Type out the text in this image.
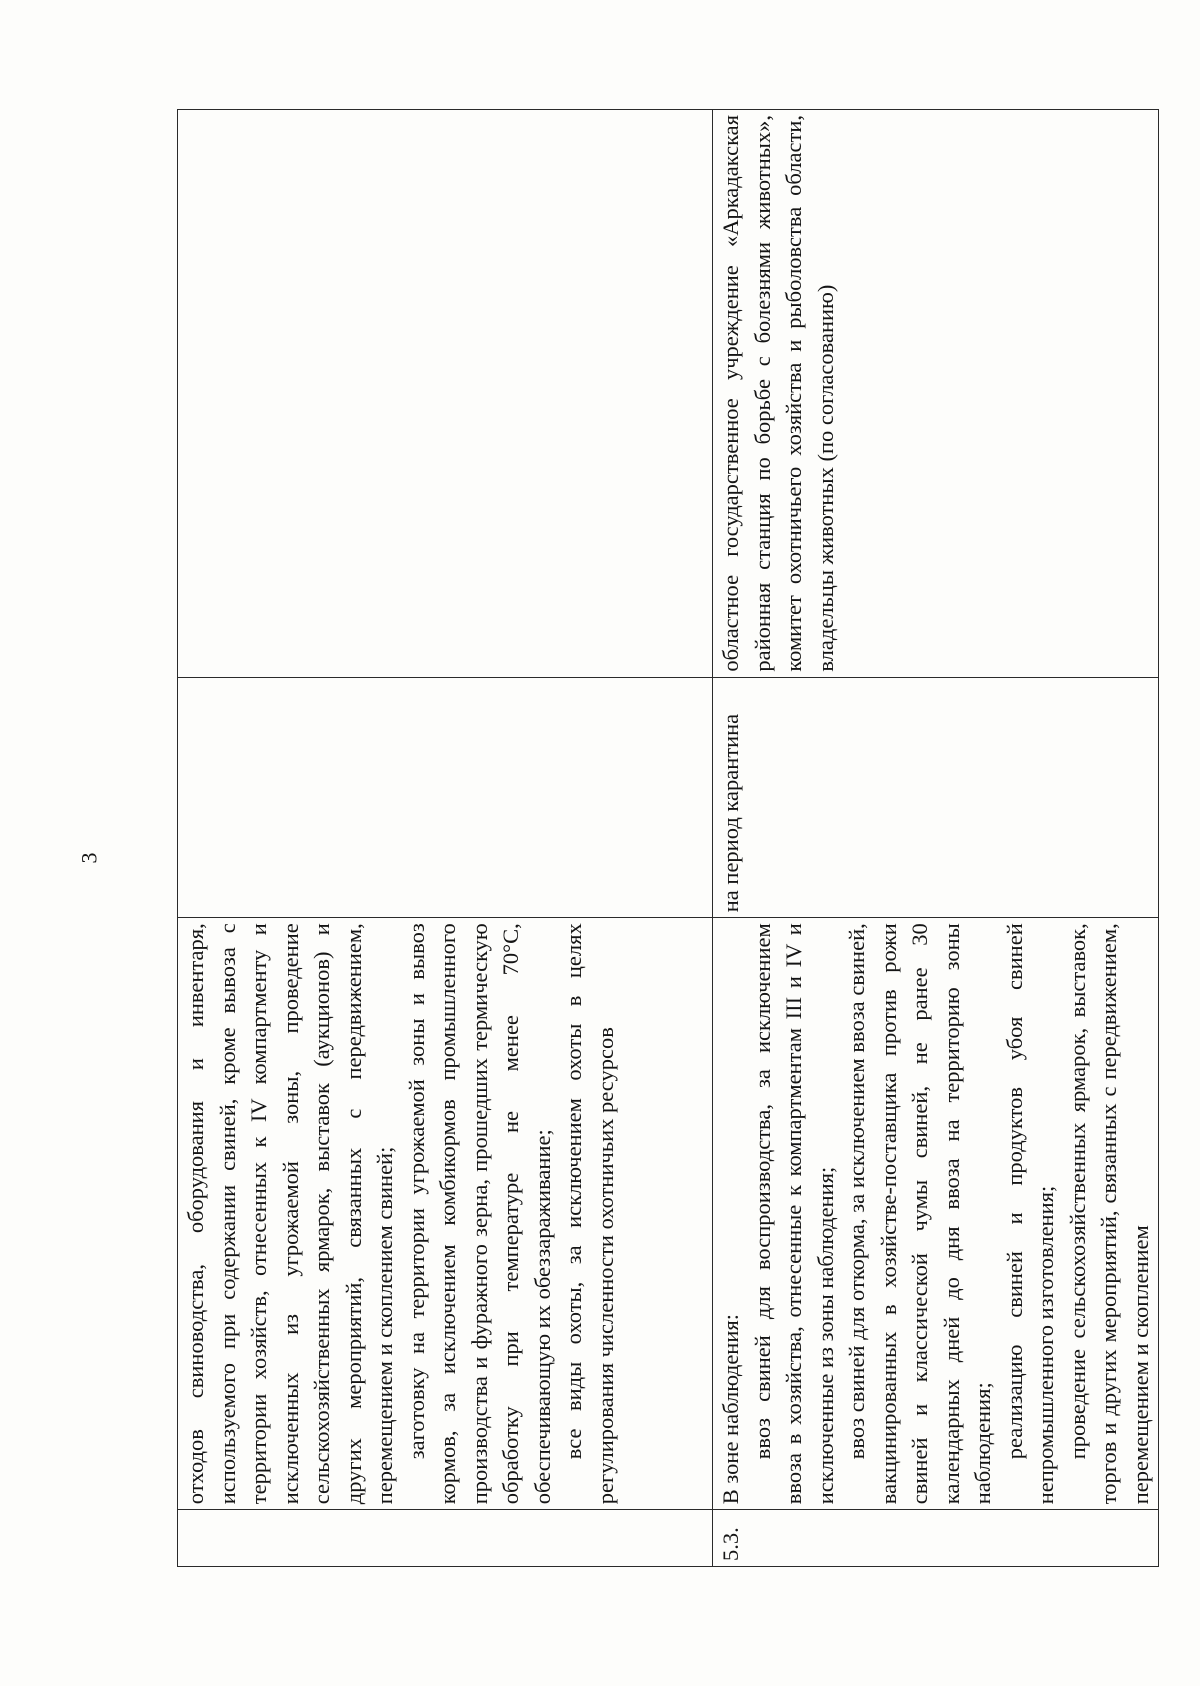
3

	отходов свиноводства, оборудования и инвентаря, используемого при содержании свиней, кроме вывоза с территории хозяйств, отнесенных к IV компартменту и исключенных из угрожаемой зоны, проведение сельскохозяйственных ярмарок, выставок (аукционов) и других мероприятий, связанных с передвижением, перемещением и скоплением свиней; заготовку на территории угрожаемой зоны и вывоз кормов, за исключением комбикормов промышленного производства и фуражного зерна, прошедших термическую обработку при температуре не менее 70°С, обеспечивающую их обеззараживание; все виды охоты, за исключением охоты в целях регулирования численности охотничьих ресурсов		

5.3.	В зоне наблюдения: ввоз свиней для воспроизводства, за исключением ввоза в хозяйства, отнесенные к компартментам III и IV и исключенные из зоны наблюдения; ввоз свиней для откорма, за исключением ввоза свиней, вакцинированных в хозяйстве-поставщика против рожи свиней и классической чумы свиней, не ранее 30 календарных дней до дня ввоза на территорию зоны наблюдения; реализацию свиней и продуктов убоя свиней непромышленного изготовления; проведение сельскохозяйственных ярмарок, выставок, торгов и других мероприятий, связанных с передвижением, перемещением и скоплением	на период карантина	областное государственное учреждение «Аркадакская районная станция по борьбе с болезнями животных», комитет охотничьего хозяйства и рыболовства области, владельцы животных (по согласованию)
